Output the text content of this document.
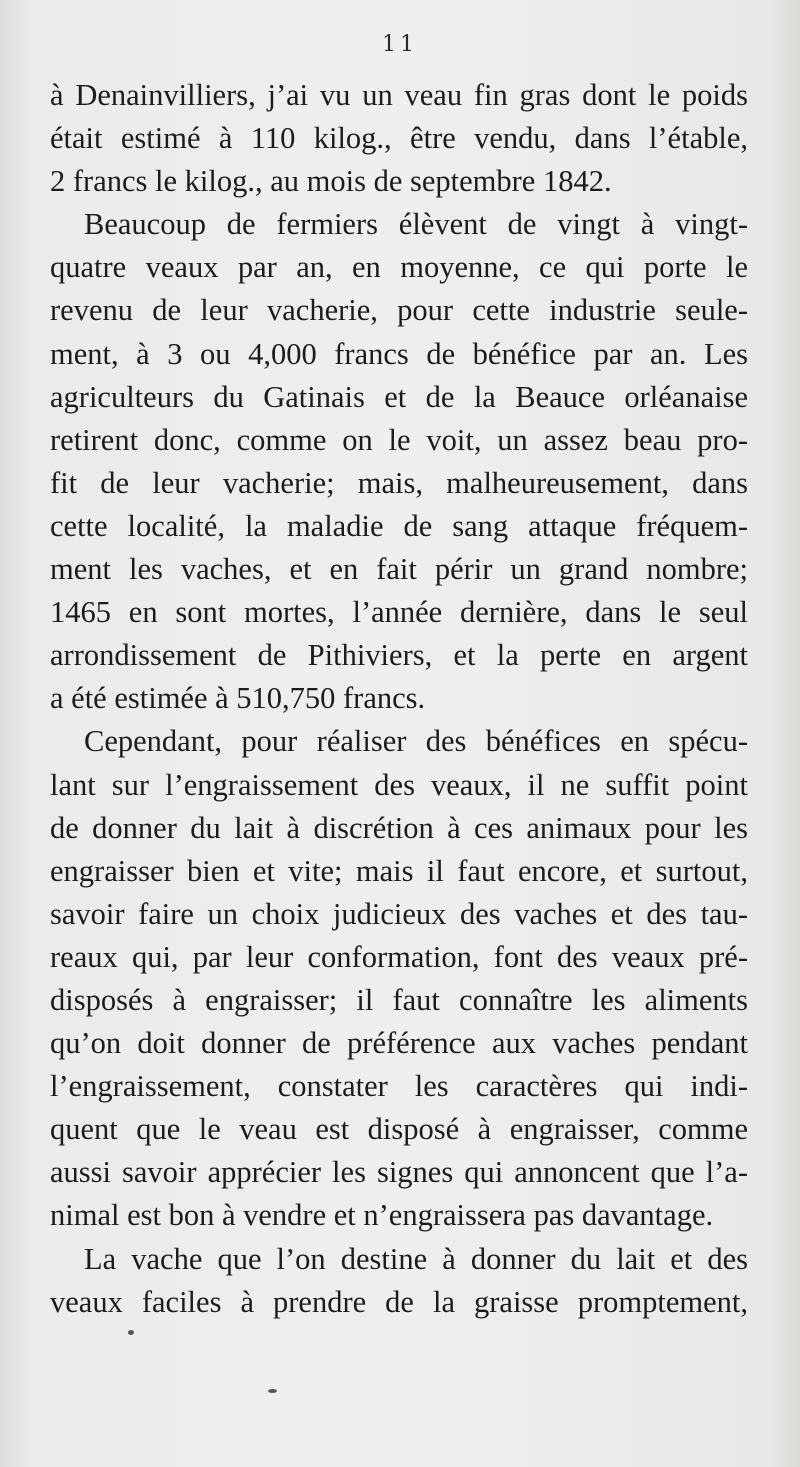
11
à Denainvilliers, j’ai vu un veau fin gras dont le poids
était estimé à 110 kilog., être vendu, dans l’étable,
2 francs le kilog., au mois de septembre 1842.
Beaucoup de fermiers élèvent de vingt à vingt-
quatre veaux par an, en moyenne, ce qui porte le
revenu de leur vacherie, pour cette industrie seule-
ment, à 3 ou 4,000 francs de bénéfice par an. Les
agriculteurs du Gatinais et de la Beauce orléanaise
retirent donc, comme on le voit, un assez beau pro-
fit de leur vacherie; mais, malheureusement, dans
cette localité, la maladie de sang attaque fréquem-
ment les vaches, et en fait périr un grand nombre;
1465 en sont mortes, l’année dernière, dans le seul
arrondissement de Pithiviers, et la perte en argent
a été estimée à 510,750 francs.
Cependant, pour réaliser des bénéfices en spécu-
lant sur l’engraissement des veaux, il ne suffit point
de donner du lait à discrétion à ces animaux pour les
engraisser bien et vite; mais il faut encore, et surtout,
savoir faire un choix judicieux des vaches et des tau-
reaux qui, par leur conformation, font des veaux pré-
disposés à engraisser; il faut connaître les aliments
qu’on doit donner de préférence aux vaches pendant
l’engraissement, constater les caractères qui indi-
quent que le veau est disposé à engraisser, comme
aussi savoir apprécier les signes qui annoncent que l’a-
nimal est bon à vendre et n’engraissera pas davantage.
La vache que l’on destine à donner du lait et des
veaux faciles à prendre de la graisse promptement,
